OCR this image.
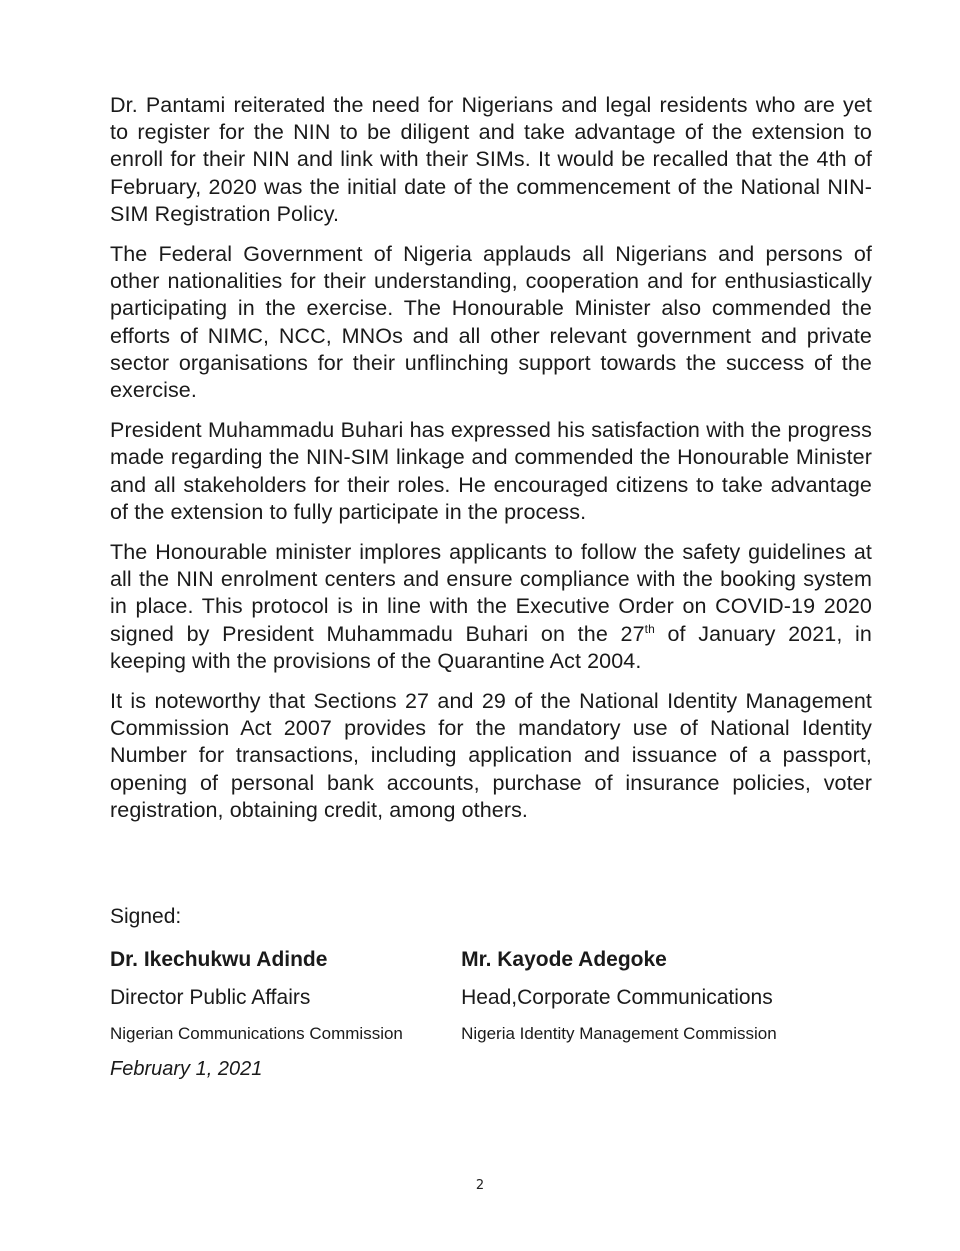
Dr. Pantami reiterated the need for Nigerians and legal residents who are yet to register for the NIN to be diligent and take advantage of the extension to enroll for their NIN and link with their SIMs. It would be recalled that the 4th of February, 2020 was the initial date of the commencement of the National NIN-SIM Registration Policy.

The Federal Government of Nigeria applauds all Nigerians and persons of other nationalities for their understanding, cooperation and for enthusiastically participating in the exercise. The Honourable Minister also commended the efforts of NIMC, NCC, MNOs and all other relevant government and private sector organisations for their unflinching support towards the success of the exercise.

President Muhammadu Buhari has expressed his satisfaction with the progress made regarding the NIN-SIM linkage and commended the Honourable Minister and all stakeholders for their roles. He encouraged citizens to take advantage of the extension to fully participate in the process.

The Honourable minister implores applicants to follow the safety guidelines at all the NIN enrolment centers and ensure compliance with the booking system in place. This protocol is in line with the Executive Order on COVID-19 2020 signed by President Muhammadu Buhari on the 27th of January 2021, in keeping with the provisions of the Quarantine Act 2004.

It is noteworthy that Sections 27 and 29 of the National Identity Management Commission Act 2007 provides for the mandatory use of National Identity Number for transactions, including application and issuance of a passport, opening of personal bank accounts, purchase of insurance policies, voter registration, obtaining credit, among others.

Signed:
Dr. Ikechukwu Adinde
Director Public Affairs
Nigerian Communications Commission
Mr. Kayode Adegoke
Head,Corporate Communications
Nigeria Identity Management Commission
February 1, 2021
2
